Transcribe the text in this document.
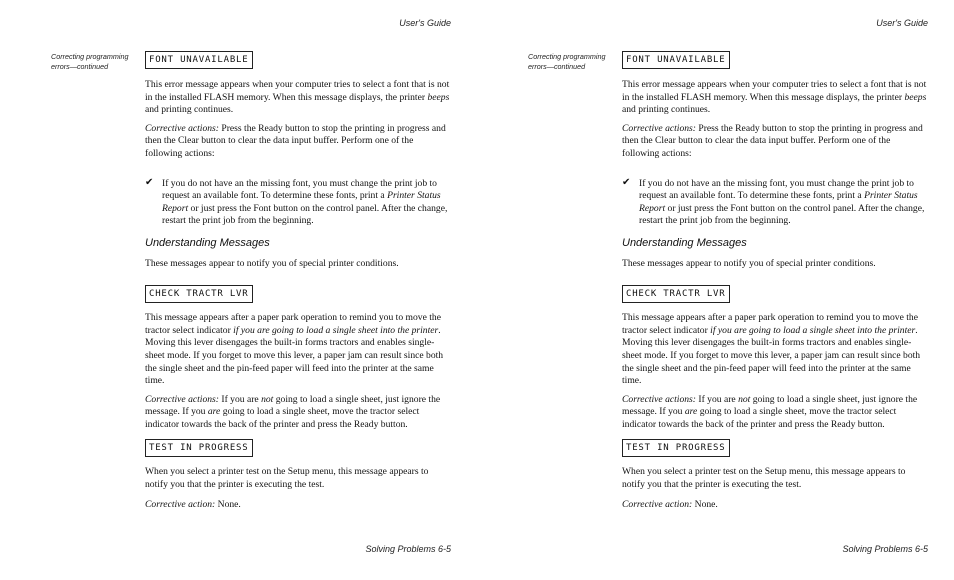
User's Guide
Correcting programming
errors—continued
FONT UNAVAILABLE

This error message appears when your computer tries to select a font that is not in the installed FLASH memory. When this message displays, the printer beeps and printing continues.

Corrective actions: Press the Ready button to stop the printing in progress and then the Clear button to clear the data input buffer. Perform one of the following actions:

✔ If you do not have an the missing font, you must change the print job to request an available font. To determine these fonts, print a Printer Status Report or just press the Font button on the control panel. After the change, restart the print job from the beginning.

Understanding Messages

These messages appear to notify you of special printer conditions.

CHECK TRACTR LVR

This message appears after a paper park operation to remind you to move the tractor select indicator if you are going to load a single sheet into the printer. Moving this lever disengages the built-in forms tractors and enables single-sheet mode. If you forget to move this lever, a paper jam can result since both the single sheet and the pin-feed paper will feed into the printer at the same time.

Corrective actions: If you are not going to load a single sheet, just ignore the message. If you are going to load a single sheet, move the tractor select indicator towards the back of the printer and press the Ready button.

TEST IN PROGRESS

When you select a printer test on the Setup menu, this message appears to notify you that the printer is executing the test.

Corrective action: None.

Solving Problems 6-5
User's Guide
Correcting programming
errors—continued
FONT UNAVAILABLE

This error message appears when your computer tries to select a font that is not in the installed FLASH memory. When this message displays, the printer beeps and printing continues.

Corrective actions: Press the Ready button to stop the printing in progress and then the Clear button to clear the data input buffer. Perform one of the following actions:

✔ If you do not have an the missing font, you must change the print job to request an available font. To determine these fonts, print a Printer Status Report or just press the Font button on the control panel. After the change, restart the print job from the beginning.

Understanding Messages

These messages appear to notify you of special printer conditions.

CHECK TRACTR LVR

This message appears after a paper park operation to remind you to move the tractor select indicator if you are going to load a single sheet into the printer. Moving this lever disengages the built-in forms tractors and enables single-sheet mode. If you forget to move this lever, a paper jam can result since both the single sheet and the pin-feed paper will feed into the printer at the same time.

Corrective actions: If you are not going to load a single sheet, just ignore the message. If you are going to load a single sheet, move the tractor select indicator towards the back of the printer and press the Ready button.

TEST IN PROGRESS

When you select a printer test on the Setup menu, this message appears to notify you that the printer is executing the test.

Corrective action: None.

Solving Problems 6-5
